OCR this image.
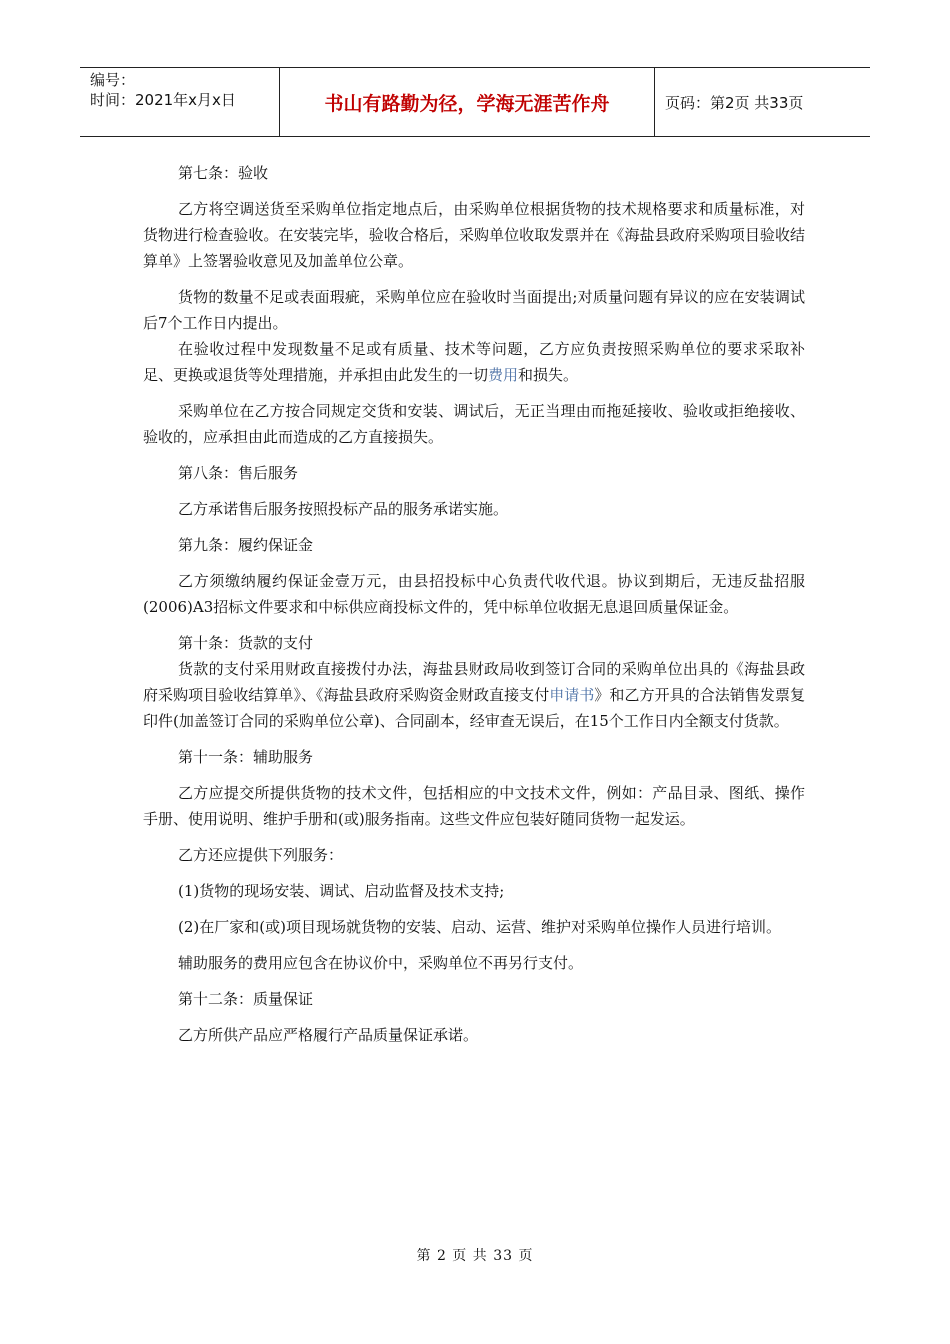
编号：
时间：2021年x月x日	书山有路勤为径，学海无涯苦作舟	页码：第2页 共33页

第七条：验收

乙方将空调送货至采购单位指定地点后，由采购单位根据货物的技术规格要求和质量标准，对货物进行检查验收。在安装完毕，验收合格后，采购单位收取发票并在《海盐县政府采购项目验收结算单》上签署验收意见及加盖单位公章。

货物的数量不足或表面瑕疵，采购单位应在验收时当面提出;对质量问题有异议的应在安装调试后7个工作日内提出。

在验收过程中发现数量不足或有质量、技术等问题，乙方应负责按照采购单位的要求采取补足、更换或退货等处理措施，并承担由此发生的一切费用和损失。

采购单位在乙方按合同规定交货和安装、调试后，无正当理由而拖延接收、验收或拒绝接收、验收的，应承担由此而造成的乙方直接损失。

第八条：售后服务

乙方承诺售后服务按照投标产品的服务承诺实施。

第九条：履约保证金

乙方须缴纳履约保证金壹万元，由县招投标中心负责代收代退。协议到期后，无违反盐招服(2006)A3招标文件要求和中标供应商投标文件的，凭中标单位收据无息退回质量保证金。

第十条：货款的支付

货款的支付采用财政直接拨付办法，海盐县财政局收到签订合同的采购单位出具的《海盐县政府采购项目验收结算单》、《海盐县政府采购资金财政直接支付申请书》和乙方开具的合法销售发票复印件(加盖签订合同的采购单位公章)、合同副本，经审查无误后，在15个工作日内全额支付货款。

第十一条：辅助服务

乙方应提交所提供货物的技术文件，包括相应的中文技术文件，例如：产品目录、图纸、操作手册、使用说明、维护手册和(或)服务指南。这些文件应包装好随同货物一起发运。

乙方还应提供下列服务：

(1)货物的现场安装、调试、启动监督及技术支持;

(2)在厂家和(或)项目现场就货物的安装、启动、运营、维护对采购单位操作人员进行培训。

辅助服务的费用应包含在协议价中，采购单位不再另行支付。

第十二条：质量保证

乙方所供产品应严格履行产品质量保证承诺。

第 2 页 共 33 页
